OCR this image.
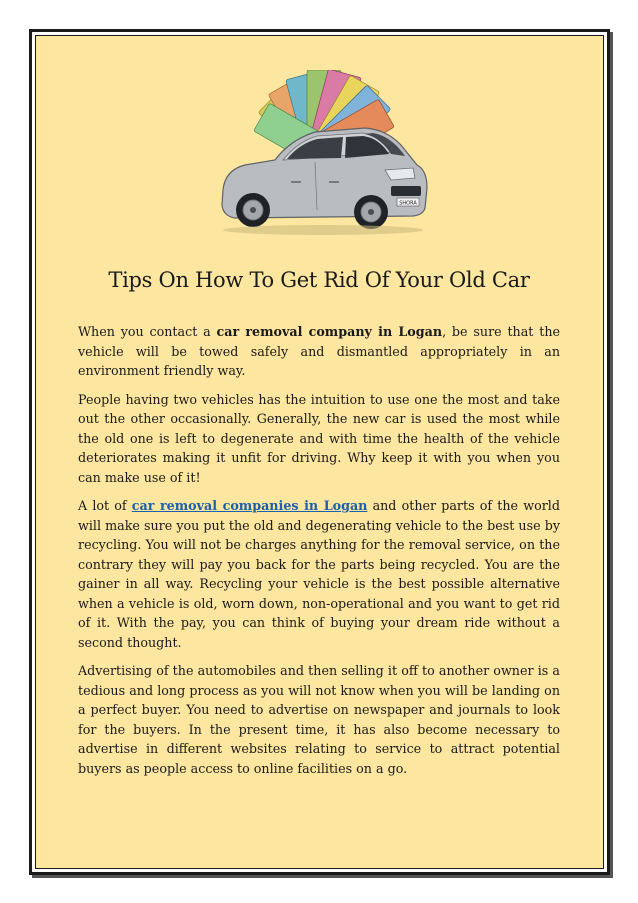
SHORA
Tips On How To Get Rid Of Your Old Car

When you contact a car removal company in Logan, be sure that the vehicle will be towed safely and dismantled appropriately in an environment friendly way.

People having two vehicles has the intuition to use one the most and take out the other occasionally. Generally, the new car is used the most while the old one is left to degenerate and with time the health of the vehicle deteriorates making it unfit for driving. Why keep it with you when you can make use of it!

A lot of car removal companies in Logan and other parts of the world will make sure you put the old and degenerating vehicle to the best use by recycling. You will not be charges anything for the removal service, on the contrary they will pay you back for the parts being recycled. You are the gainer in all way. Recycling your vehicle is the best possible alternative when a vehicle is old, worn down, non-operational and you want to get rid of it. With the pay, you can think of buying your dream ride without a second thought.

Advertising of the automobiles and then selling it off to another owner is a tedious and long process as you will not know when you will be landing on a perfect buyer. You need to advertise on newspaper and journals to look for the buyers. In the present time, it has also become necessary to advertise in different websites relating to service to attract potential buyers as people access to online facilities on a go.
